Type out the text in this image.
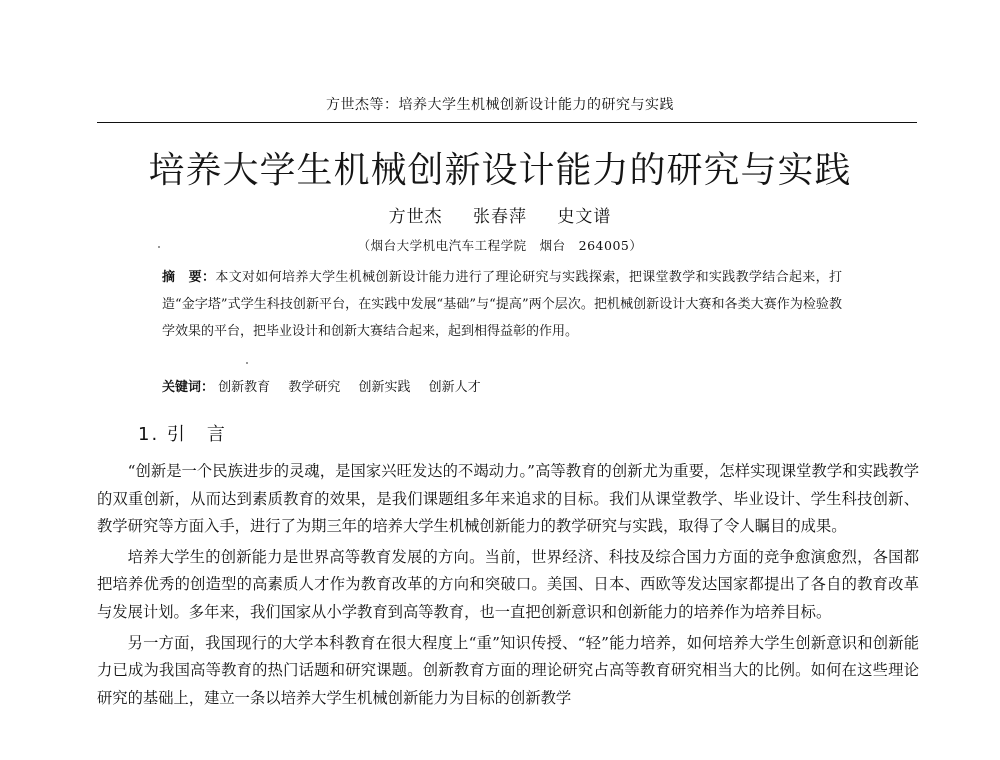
方世杰等：培养大学生机械创新设计能力的研究与实践
培养大学生机械创新设计能力的研究与实践
方世杰 张春萍 史文谱
（烟台大学机电汽车工程学院　烟台　264005）
摘　要：本文对如何培养大学生机械创新设计能力进行了理论研究与实践探索，把课堂教学和实践教学结合起来，打造“金字塔”式学生科技创新平台，在实践中发展“基础”与“提高”两个层次。把机械创新设计大赛和各类大赛作为检验教学效果的平台，把毕业设计和创新大赛结合起来，起到相得益彰的作用。
关键词： 创新教育 教学研究 创新实践 创新人才
1. 引　言

“创新是一个民族进步的灵魂，是国家兴旺发达的不竭动力。”高等教育的创新尤为重要，怎样实现课堂教学和实践教学的双重创新，从而达到素质教育的效果，是我们课题组多年来追求的目标。我们从课堂教学、毕业设计、学生科技创新、教学研究等方面入手，进行了为期三年的培养大学生机械创新能力的教学研究与实践，取得了令人瞩目的成果。

培养大学生的创新能力是世界高等教育发展的方向。当前，世界经济、科技及综合国力方面的竞争愈演愈烈，各国都把培养优秀的创造型的高素质人才作为教育改革的方向和突破口。美国、日本、西欧等发达国家都提出了各自的教育改革与发展计划。多年来，我们国家从小学教育到高等教育，也一直把创新意识和创新能力的培养作为培养目标。

另一方面，我国现行的大学本科教育在很大程度上“重”知识传授、“轻”能力培养，如何培养大学生创新意识和创新能力已成为我国高等教育的热门话题和研究课题。创新教育方面的理论研究占高等教育研究相当大的比例。如何在这些理论研究的基础上，建立一条以培养大学生机械创新能力为目标的创新教学
